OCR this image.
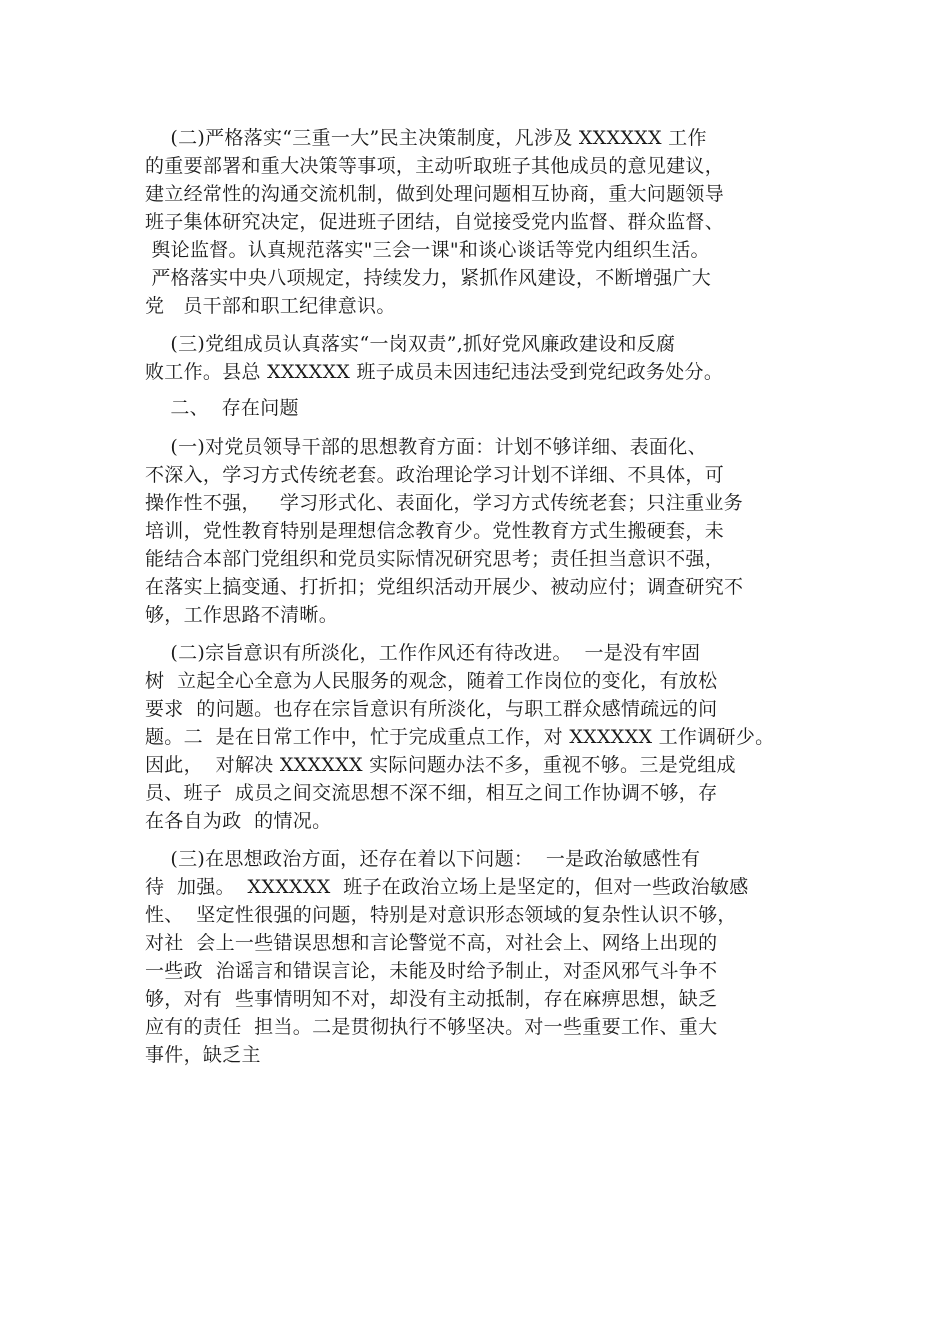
(二)严格落实“三重一大”民主决策制度，凡涉及 XXXXXX 工作
的重要部署和重大决策等事项，主动听取班子其他成员的意见建议，
建立经常性的沟通交流机制，做到处理问题相互协商，重大问题领导
班子集体研究决定，促进班子团结，自觉接受党内监督、群众监督、
舆论监督。认真规范落实"三会一课"和谈心谈话等党内组织生活。
严格落实中央八项规定，持续发力，紧抓作风建设，不断增强广大
党   员干部和职工纪律意识。
(三)党组成员认真落实“一岗双责”,抓好党风廉政建设和反腐
败工作。县总 XXXXXX 班子成员未因违纪违法受到党纪政务处分。
二、  存在问题
(一)对党员领导干部的思想教育方面：计划不够详细、表面化、
不深入，学习方式传统老套。政治理论学习计划不详细、不具体，可
操作性不强，   学习形式化、表面化，学习方式传统老套；只注重业务
培训，党性教育特别是理想信念教育少。党性教育方式生搬硬套，未
能结合本部门党组织和党员实际情况研究思考；责任担当意识不强，
在落实上搞变通、打折扣；党组织活动开展少、被动应付；调查研究不
够，工作思路不清晰。
(二)宗旨意识有所淡化，工作作风还有待改进。  一是没有牢固
树  立起全心全意为人民服务的观念，随着工作岗位的变化，有放松
要求  的问题。也存在宗旨意识有所淡化，与职工群众感情疏远的问
题。二  是在日常工作中，忙于完成重点工作，对 XXXXXX 工作调研少。
因此，  对解决 XXXXXX 实际问题办法不多，重视不够。三是党组成
员、班子  成员之间交流思想不深不细，相互之间工作协调不够，存
在各自为政  的情况。
(三)在思想政治方面，还存在着以下问题：  一是政治敏感性有
待  加强。  XXXXXX  班子在政治立场上是坚定的，但对一些政治敏感
性、  坚定性很强的问题，特别是对意识形态领域的复杂性认识不够，
对社  会上一些错误思想和言论警觉不高，对社会上、网络上出现的
一些政  治谣言和错误言论，未能及时给予制止，对歪风邪气斗争不
够，对有  些事情明知不对，却没有主动抵制，存在麻痹思想，缺乏
应有的责任  担当。二是贯彻执行不够坚决。对一些重要工作、重大
事件，缺乏主
